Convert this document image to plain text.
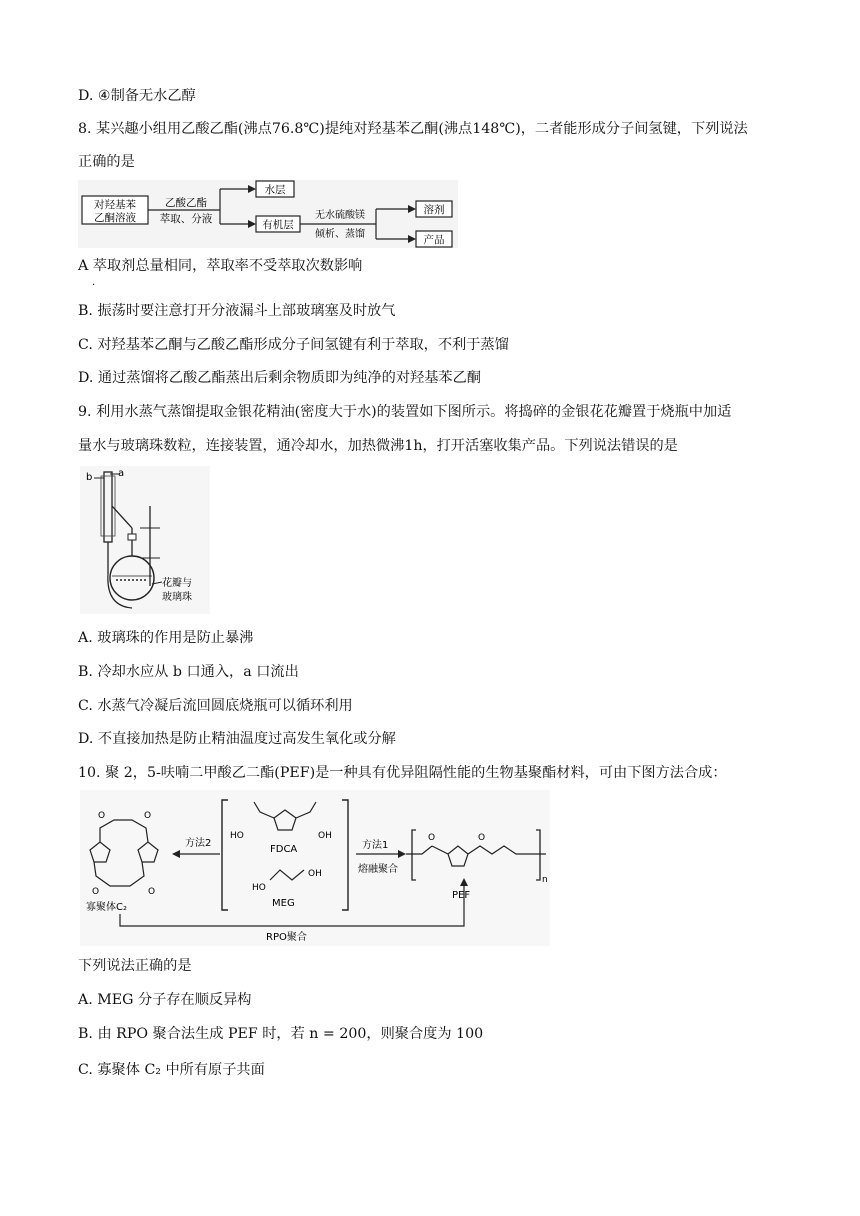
D. ④制备无水乙醇
8. 某兴趣小组用乙酸乙酯(沸点76.8℃)提纯对羟基苯乙酮(沸点148℃)，二者能形成分子间氢键，下列说法
正确的是
对羟基苯
乙酮溶液
乙酸乙酯
萃取、分液
水层
有机层
无水硫酸镁
倾析、蒸馏
溶剂
产品
A 萃取剂总量相同，萃取率不受萃取次数影响
·
B. 振荡时要注意打开分液漏斗上部玻璃塞及时放气
C. 对羟基苯乙酮与乙酸乙酯形成分子间氢键有利于萃取，不利于蒸馏
D. 通过蒸馏将乙酸乙酯蒸出后剩余物质即为纯净的对羟基苯乙酮
9. 利用水蒸气蒸馏提取金银花精油(密度大于水)的装置如下图所示。将捣碎的金银花花瓣置于烧瓶中加适
量水与玻璃珠数粒，连接装置，通冷却水，加热微沸1h，打开活塞收集产品。下列说法错误的是
b	a
花瓣与
玻璃珠
A. 玻璃珠的作用是防止暴沸
B. 冷却水应从 b 口通入，a 口流出
C. 水蒸气冷凝后流回圆底烧瓶可以循环利用
D. 不直接加热是防止精油温度过高发生氧化或分解
10. 聚 2，5-呋喃二甲酸乙二酯(PEF)是一种具有优异阻隔性能的生物基聚酯材料，可由下图方法合成：
O	O
O	O
寡聚体C₂
方法2
HO	OH
FDCA
HO
OH
MEG
方法1
熔融聚合
O	O
n
PEF
RPO聚合
下列说法正确的是
A. MEG 分子存在顺反异构
B. 由 RPO 聚合法生成 PEF 时，若 n = 200，则聚合度为 100
C. 寡聚体 C₂ 中所有原子共面
